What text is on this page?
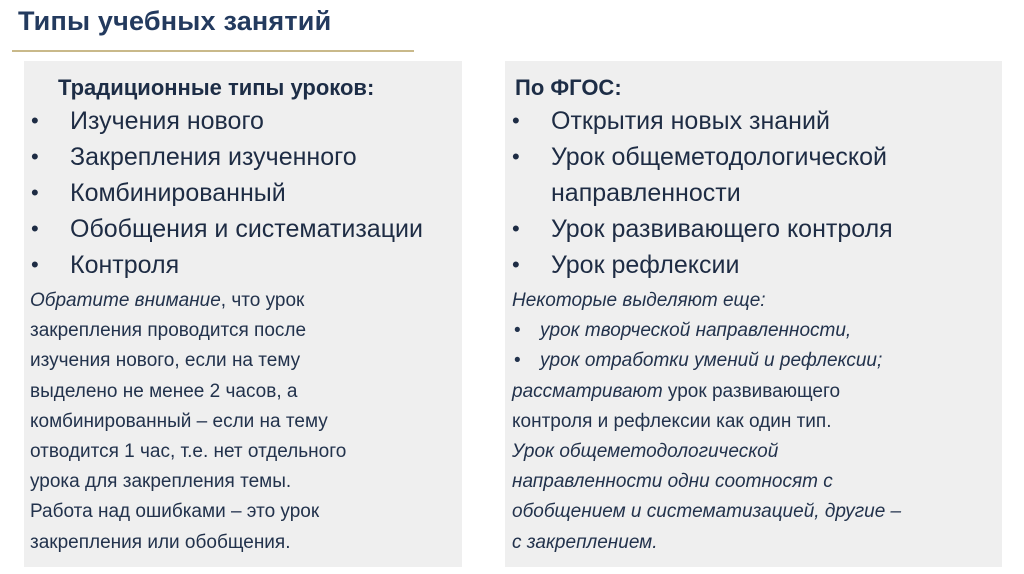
Типы учебных занятий
Традиционные типы уроков:
• Изучения нового
• Закрепления изученного
• Комбинированный
• Обобщения и систематизации
• Контроля
Обратите внимание, что урок
закрепления проводится после
изучения нового, если на тему
выделено не менее 2 часов, а
комбинированный – если на тему
отводится 1 час, т.е. нет отдельного
урока для закрепления темы.
Работа над ошибками – это урок
закрепления или обобщения.
По ФГОС:
• Открытия новых знаний
• Урок общеметодологической
направленности
• Урок развивающего контроля
• Урок рефлексии
Некоторые выделяют еще:
• урок творческой направленности,
• урок отработки умений и рефлексии;
рассматривают урок развивающего
контроля и рефлексии как один тип.
Урок общеметодологической
направленности одни соотносят с
обобщением и систематизацией, другие –
с закреплением.
